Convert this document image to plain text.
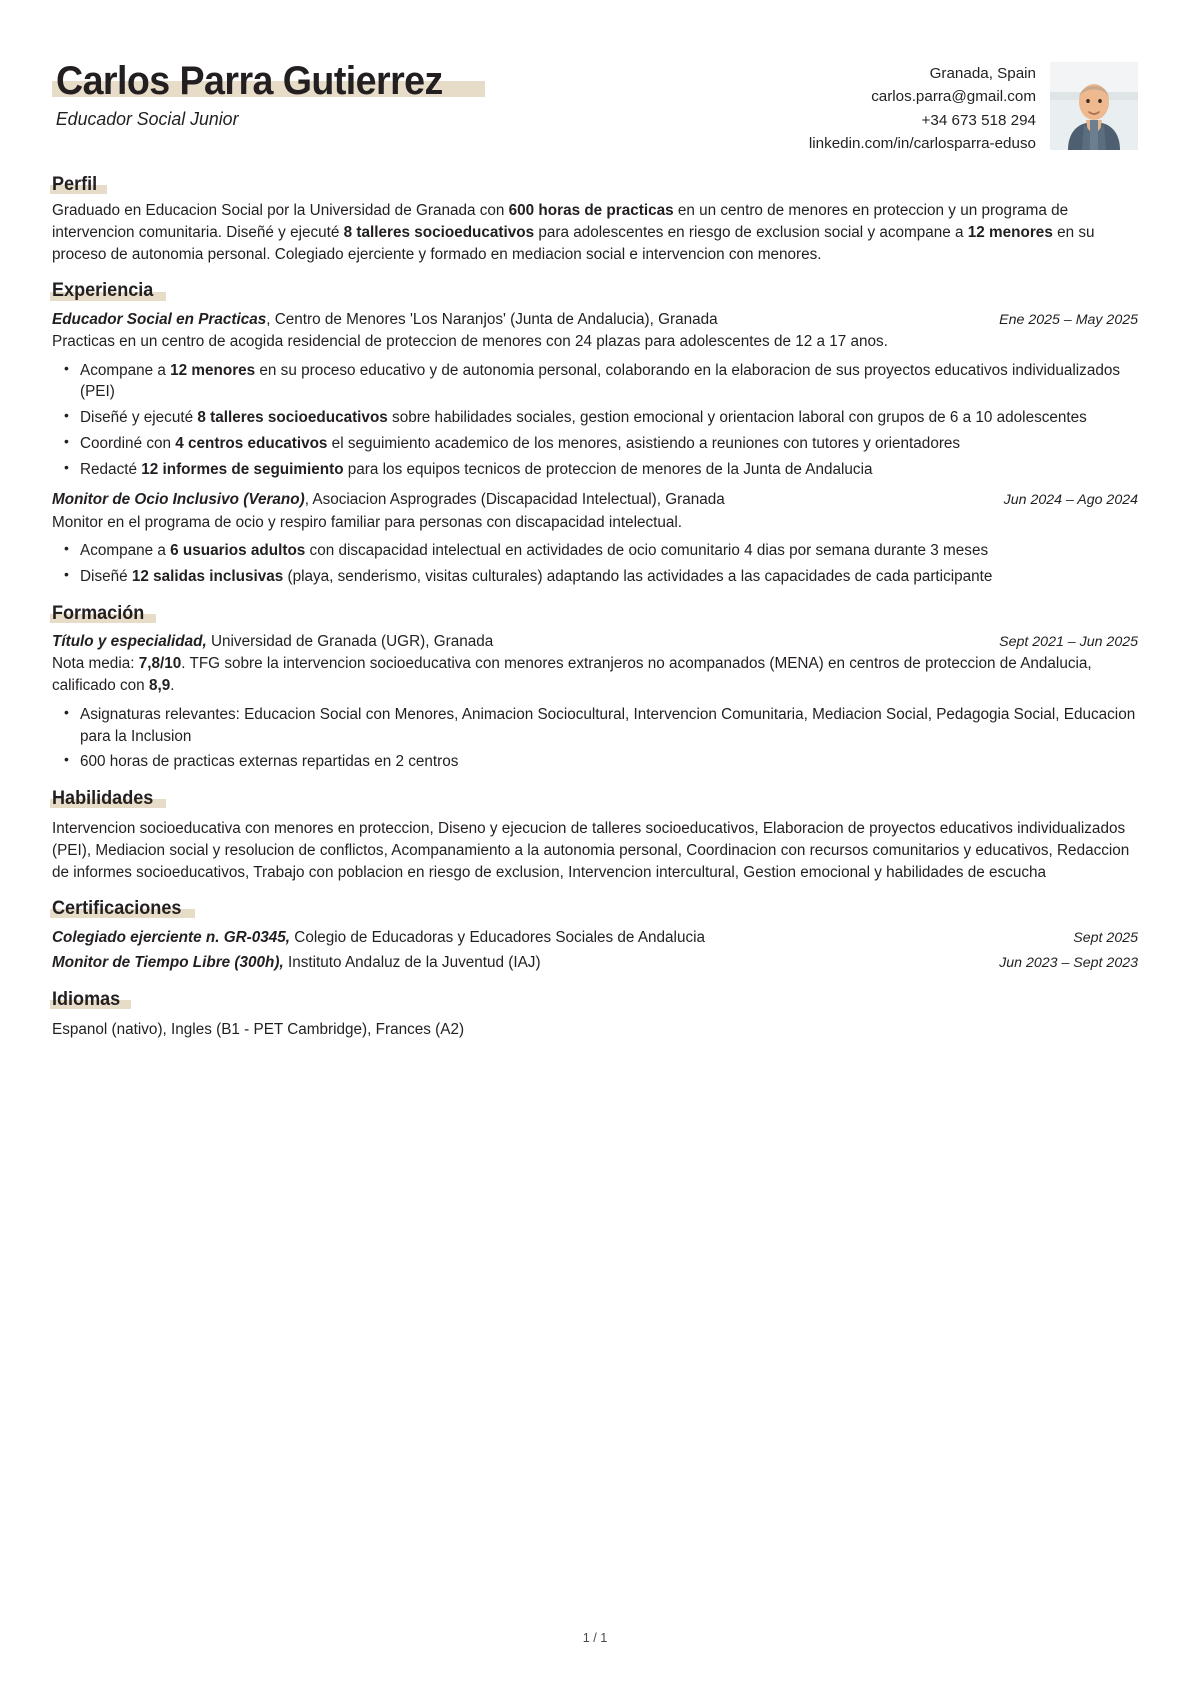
Carlos Parra Gutierrez
Educador Social Junior
Granada, Spain
carlos.parra@gmail.com
+34 673 518 294
linkedin.com/in/carlosparra-eduso
Perfil
Graduado en Educacion Social por la Universidad de Granada con 600 horas de practicas en un centro de menores en proteccion y un programa de intervencion comunitaria. Diseñé y ejecuté 8 talleres socioeducativos para adolescentes en riesgo de exclusion social y acompane a 12 menores en su proceso de autonomia personal. Colegiado ejerciente y formado en mediacion social e intervencion con menores.
Experiencia
Educador Social en Practicas, Centro de Menores 'Los Naranjos' (Junta de Andalucia), Granada	Ene 2025 – May 2025
Practicas en un centro de acogida residencial de proteccion de menores con 24 plazas para adolescentes de 12 a 17 anos.
• Acompane a 12 menores en su proceso educativo y de autonomia personal, colaborando en la elaboracion de sus proyectos educativos individualizados (PEI)
• Diseñé y ejecuté 8 talleres socioeducativos sobre habilidades sociales, gestion emocional y orientacion laboral con grupos de 6 a 10 adolescentes
• Coordiné con 4 centros educativos el seguimiento academico de los menores, asistiendo a reuniones con tutores y orientadores
• Redacté 12 informes de seguimiento para los equipos tecnicos de proteccion de menores de la Junta de Andalucia
Monitor de Ocio Inclusivo (Verano), Asociacion Asprogrades (Discapacidad Intelectual), Granada	Jun 2024 – Ago 2024
Monitor en el programa de ocio y respiro familiar para personas con discapacidad intelectual.
• Acompane a 6 usuarios adultos con discapacidad intelectual en actividades de ocio comunitario 4 dias por semana durante 3 meses
• Diseñé 12 salidas inclusivas (playa, senderismo, visitas culturales) adaptando las actividades a las capacidades de cada participante
Formación
Título y especialidad, Universidad de Granada (UGR), Granada	Sept 2021 – Jun 2025
Nota media: 7,8/10. TFG sobre la intervencion socioeducativa con menores extranjeros no acompanados (MENA) en centros de proteccion de Andalucia, calificado con 8,9.
• Asignaturas relevantes: Educacion Social con Menores, Animacion Sociocultural, Intervencion Comunitaria, Mediacion Social, Pedagogia Social, Educacion para la Inclusion
• 600 horas de practicas externas repartidas en 2 centros
Habilidades
Intervencion socioeducativa con menores en proteccion, Diseno y ejecucion de talleres socioeducativos, Elaboracion de proyectos educativos individualizados (PEI), Mediacion social y resolucion de conflictos, Acompanamiento a la autonomia personal, Coordinacion con recursos comunitarios y educativos, Redaccion de informes socioeducativos, Trabajo con poblacion en riesgo de exclusion, Intervencion intercultural, Gestion emocional y habilidades de escucha
Certificaciones
Colegiado ejerciente n. GR-0345, Colegio de Educadoras y Educadores Sociales de Andalucia	Sept 2025
Monitor de Tiempo Libre (300h), Instituto Andaluz de la Juventud (IAJ)	Jun 2023 – Sept 2023
Idiomas
Espanol (nativo), Ingles (B1 - PET Cambridge), Frances (A2)
1 / 1
